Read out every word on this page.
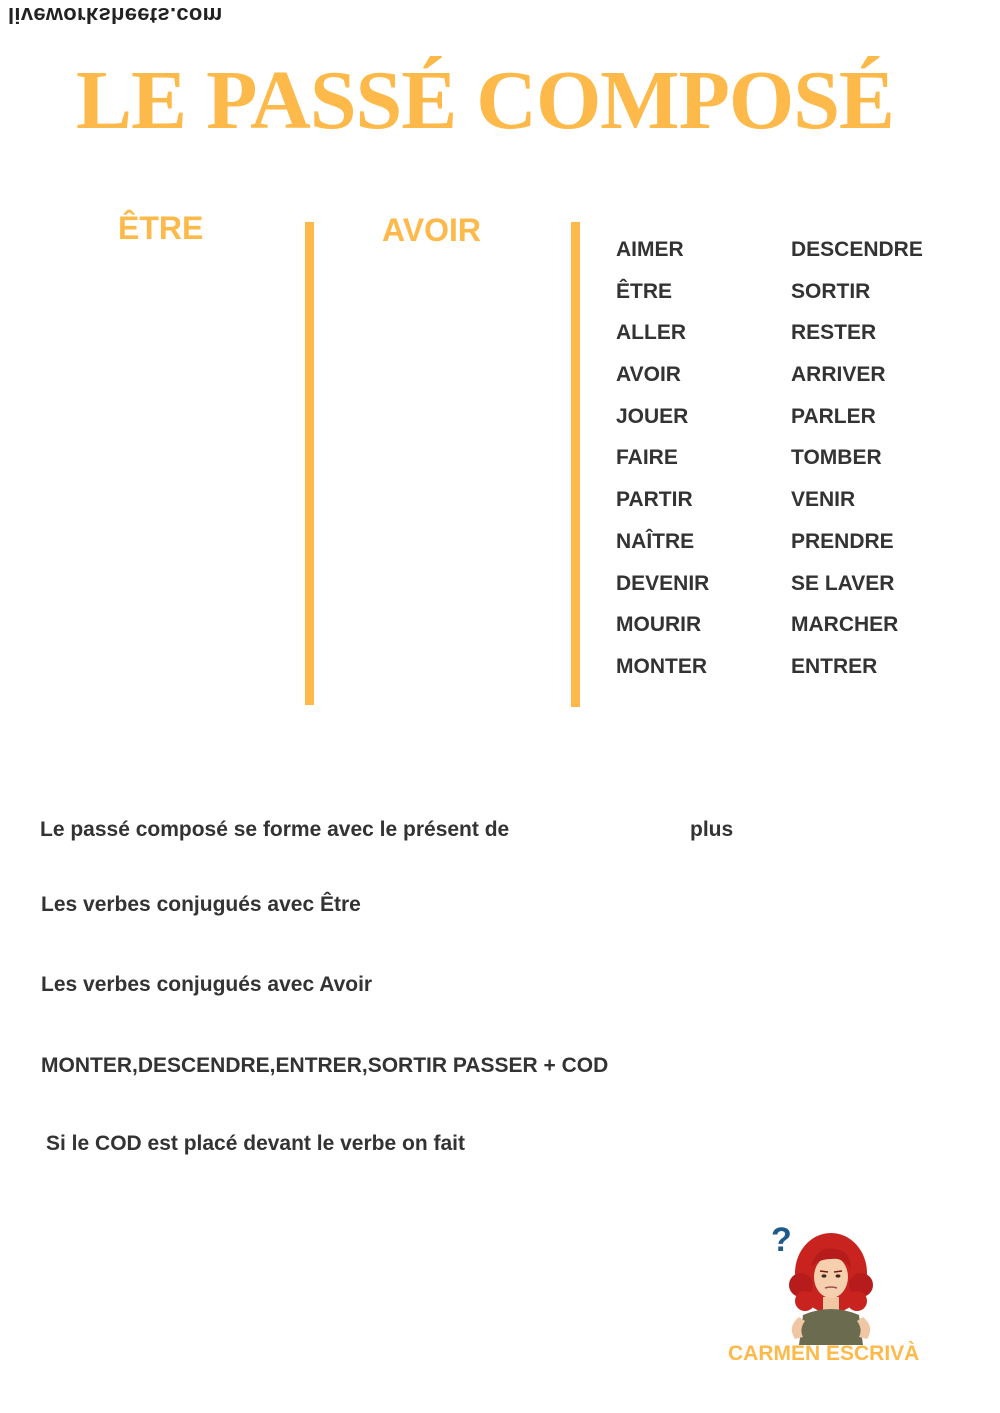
liveworksheets.com
LE PASSÉ COMPOSÉ
ÊTRE	AVOIR
AIMER
ÊTRE
ALLER
AVOIR
JOUER
FAIRE
PARTIR
NAÎTRE
DEVENIR
MOURIR
MONTER
DESCENDRE
SORTIR
RESTER
ARRIVER
PARLER
TOMBER
VENIR
PRENDRE
SE LAVER
MARCHER
ENTRER
Le passé composé se forme avec le présent de	plus
Les verbes conjugués avec Être
Les verbes conjugués avec Avoir
MONTER,DESCENDRE,ENTRER,SORTIR PASSER + COD
Si le COD est placé devant le verbe on fait
?
CARMEN ESCRIVÀ
